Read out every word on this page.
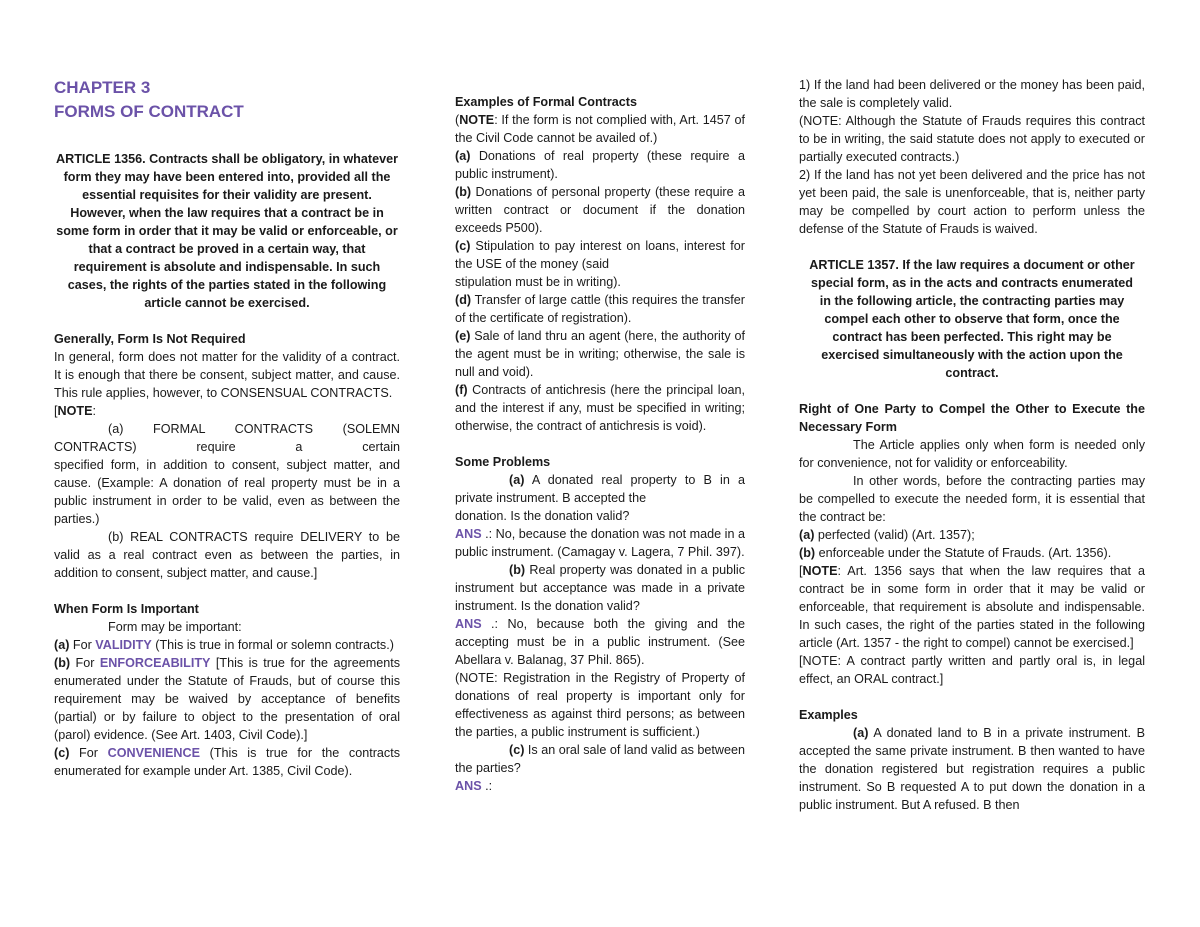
CHAPTER 3
FORMS OF CONTRACT

ARTICLE 1356. Contracts shall be obligatory, in whatever form they may have been entered into, provided all the essential requisites for their validity are present. However, when the law requires that a contract be in some form in order that it may be valid or enforceable, or that a contract be proved in a certain way, that requirement is absolute and indispensable. In such cases, the rights of the parties stated in the following article cannot be exercised.

Generally, Form Is Not Required

In general, form does not matter for the validity of a contract. It is enough that there be consent, subject matter, and cause. This rule applies, however, to CONSENSUAL CONTRACTS.

[NOTE:

(a) FORMAL CONTRACTS (SOLEMN CONTRACTS) require a certain

specified form, in addition to consent, subject matter, and cause. (Example: A donation of real property must be in a public instrument in order to be valid, even as between the parties.)

(b) REAL CONTRACTS require DELIVERY to be valid as a real contract even as between the parties, in addition to consent, subject matter, and cause.]

When Form Is Important

Form may be important:

(a) For VALIDITY (This is true in formal or solemn contracts.)

(b) For ENFORCEABILITY [This is true for the agreements enumerated under the Statute of Frauds, but of course this requirement may be waived by acceptance of benefits (partial) or by failure to object to the presentation of oral (parol) evidence. (See Art. 1403, Civil Code).]

(c) For CONVENIENCE (This is true for the contracts enumerated for example under Art. 1385, Civil Code).

Examples of Formal Contracts

(NOTE: If the form is not complied with, Art. 1457 of the Civil Code cannot be availed of.)

(a) Donations of real property (these require a public instrument).

(b) Donations of personal property (these require a written contract or document if the donation exceeds P500).

(c) Stipulation to pay interest on loans, interest for the USE of the money (said

stipulation must be in writing).

(d) Transfer of large cattle (this requires the transfer of the certificate of registration).

(e) Sale of land thru an agent (here, the authority of the agent must be in writing; otherwise, the sale is null and void).

(f) Contracts of antichresis (here the principal loan, and the interest if any, must be specified in writing; otherwise, the contract of antichresis is void).

Some Problems

(a) A donated real property to B in a private instrument. B accepted the

donation. Is the donation valid?

ANS .: No, because the donation was not made in a public instrument. (Camagay v. Lagera, 7 Phil. 397).

(b) Real property was donated in a public instrument but acceptance was made in a private instrument. Is the donation valid?

ANS .: No, because both the giving and the accepting must be in a public instrument. (See Abellara v. Balanag, 37 Phil. 865).

(NOTE: Registration in the Registry of Property of donations of real property is important only for effectiveness as against third persons; as between the parties, a public instrument is sufficient.)

(c) Is an oral sale of land valid as between the parties?

ANS .:

1) If the land had been delivered or the money has been paid, the sale is completely valid.

(NOTE: Although the Statute of Frauds requires this contract to be in writing, the said statute does not apply to executed or partially executed contracts.)

2) If the land has not yet been delivered and the price has not yet been paid, the sale is unenforceable, that is, neither party may be compelled by court action to perform unless the defense of the Statute of Frauds is waived.

ARTICLE 1357. If the law requires a document or other special form, as in the acts and contracts enumerated in the following article, the contracting parties may compel each other to observe that form, once the contract has been perfected. This right may be exercised simultaneously with the action upon the contract.

Right of One Party to Compel the Other to Execute the Necessary Form

The Article applies only when form is needed only for convenience, not for validity or enforceability.

In other words, before the contracting parties may be compelled to execute the needed form, it is essential that the contract be:

(a) perfected (valid) (Art. 1357);

(b) enforceable under the Statute of Frauds. (Art. 1356).

[NOTE: Art. 1356 says that when the law requires that a contract be in some form in order that it may be valid or enforceable, that requirement is absolute and indispensable. In such cases, the right of the parties stated in the following article (Art. 1357 - the right to compel) cannot be exercised.]

[NOTE: A contract partly written and partly oral is, in legal effect, an ORAL contract.]

Examples

(a) A donated land to B in a private instrument. B accepted the same private instrument. B then wanted to have the donation registered but registration requires a public instrument. So B requested A to put down the donation in a public instrument. But A refused. B then
